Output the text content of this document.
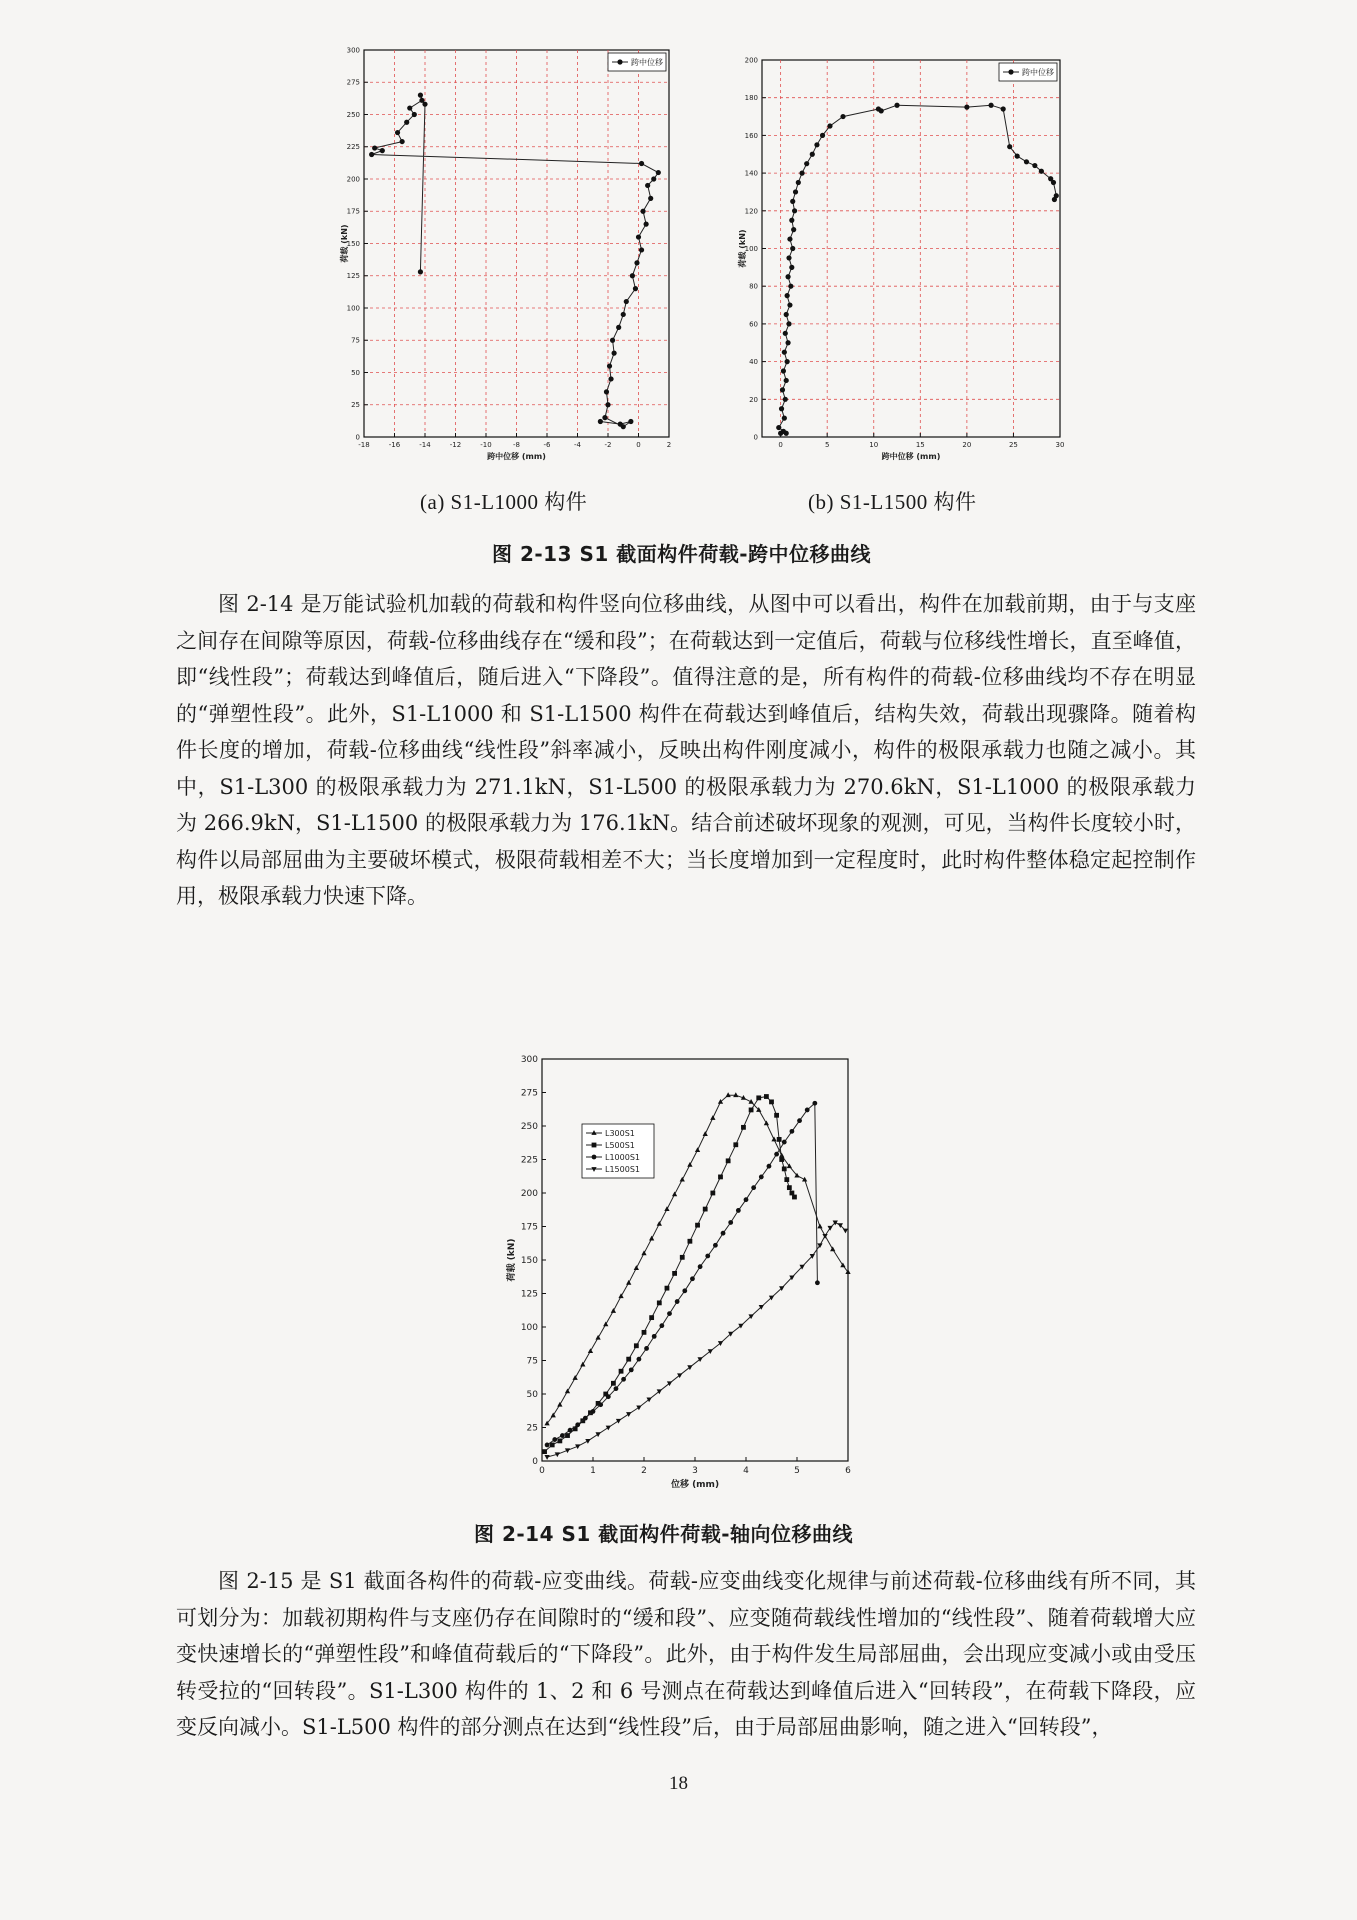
-18	-16	-14	-12	-10	-8	-6	-4	-2	0	2
0
25
50
75
100
125
150
175
200
225
250
275
300
跨中位移 (mm)
荷载 (kN)
跨中位移
0	5	10	15	20	25	30
0
20
40
60
80
100
120
140
160
180
200
跨中位移 (mm)
荷载 (kN)
跨中位移
(a) S1-L1000 构件	(b) S1-L1500 构件
图 2-13 S1 截面构件荷载-跨中位移曲线

图 2-14 是万能试验机加载的荷载和构件竖向位移曲线，从图中可以看出，构件在加载前期，由于与支座之间存在间隙等原因，荷载-位移曲线存在“缓和段”；在荷载达到一定值后，荷载与位移线性增长，直至峰值，即“线性段”；荷载达到峰值后，随后进入“下降段”。值得注意的是，所有构件的荷载-位移曲线均不存在明显的“弹塑性段”。此外，S1-L1000 和 S1-L1500 构件在荷载达到峰值后，结构失效，荷载出现骤降。随着构件长度的增加，荷载-位移曲线“线性段”斜率减小，反映出构件刚度减小，构件的极限承载力也随之减小。其中，S1-L300 的极限承载力为 271.1kN，S1-L500 的极限承载力为 270.6kN，S1-L1000 的极限承载力为 266.9kN，S1-L1500 的极限承载力为 176.1kN。结合前述破坏现象的观测，可见，当构件长度较小时，构件以局部屈曲为主要破坏模式，极限荷载相差不大；当长度增加到一定程度时，此时构件整体稳定起控制作用，极限承载力快速下降。

0	1	2	3	4	5	6
0
25
50
75
100
125
150
175
200
225
250
275
300
位移 (mm)
荷载 (kN)
L300S1
L500S1
L1000S1
L1500S1
图 2-14 S1 截面构件荷载-轴向位移曲线

图 2-15 是 S1 截面各构件的荷载-应变曲线。荷载-应变曲线变化规律与前述荷载-位移曲线有所不同，其可划分为：加载初期构件与支座仍存在间隙时的“缓和段”、应变随荷载线性增加的“线性段”、随着荷载增大应变快速增长的“弹塑性段”和峰值荷载后的“下降段”。此外，由于构件发生局部屈曲，会出现应变减小或由受压转受拉的“回转段”。S1-L300 构件的 1、2 和 6 号测点在荷载达到峰值后进入“回转段”，在荷载下降段，应变反向减小。S1-L500 构件的部分测点在达到“线性段”后，由于局部屈曲影响，随之进入“回转段”，

18
